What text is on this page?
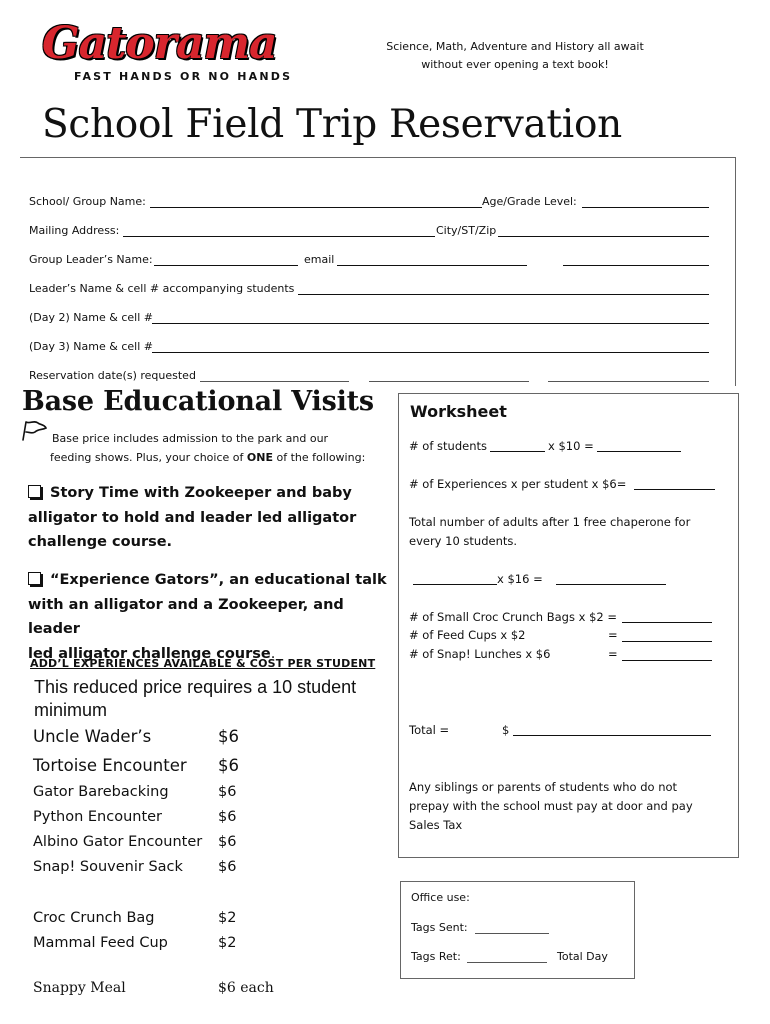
Gatorama
FAST HANDS OR NO HANDS
Science, Math, Adventure and History all await
without ever opening a text book!
School Field Trip Reservation
School/ Group Name:	Age/Grade Level:
Mailing Address:	City/ST/Zip
Group Leader’s Name:	email
Leader’s Name & cell # accompanying students
(Day 2) Name & cell #
(Day 3) Name & cell #
Reservation date(s) requested
Base Educational Visits
Base price includes admission to the park and our
feeding shows. Plus, your choice of ONE of the following:
Story Time with Zookeeper and baby
alligator to hold and leader led alligator
challenge course.
“Experience Gators”, an educational talk
with an alligator and a Zookeeper, and leader
led alligator challenge course.
ADD’L EXPERIENCES AVAILABLE & COST PER STUDENT
This reduced price requires a 10 student minimum
Uncle Wader’s	$6
Tortoise Encounter $6
Gator Barebacking	$6
Python Encounter	$6
Albino Gator Encounter $6
Snap! Souvenir Sack $6
Croc Crunch Bag	$2
Mammal Feed Cup	$2
Snappy Meal	$6 each
Worksheet
# of students	x $10 =
# of Experiences x per student x $6=
Total number of adults after 1 free chaperone for
every 10 students.
x $16 =
# of Small Croc Crunch Bags x $2 =
# of Feed Cups x $2	=
# of Snap! Lunches x $6	=
Total =	$
Any siblings or parents of students who do not
prepay with the school must pay at door and pay
Sales Tax
Office use:
Tags Sent:
Tags Ret:	Total Day
